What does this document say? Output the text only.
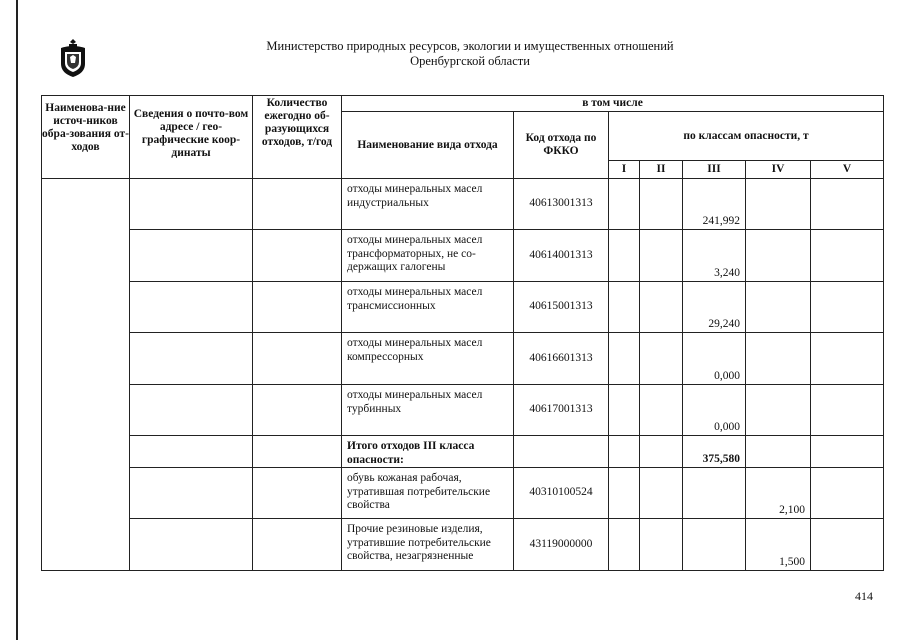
Министерство природных ресурсов, экологии и имущественных отношений
Оренбургской области
Наименова-ние источ-ников обра-зования от-ходов	Сведения о почто-вом адресе / гео-графические коор-динаты	Количество ежегодно об-разующихся отходов, т/год	в том числе						
			Наименование вида отхода	Код отхода по ФККО	по классам опасности, т				
					I	II	III	IV	V
			отходы минеральных масел индустриальных	40613001313			241,992		
			отходы минеральных масел трансформаторных, не со-держащих галогены	40614001313			3,240		
			отходы минеральных масел трансмиссионных	40615001313			29,240		
			отходы минеральных масел компрессорных	40616601313			0,000		
			отходы минеральных масел турбинных	40617001313			0,000		
			Итого отходов III класса опасности:				375,580		
			обувь кожаная рабочая, утратившая потребительские свойства	40310100524				2,100	
			Прочие резиновые изделия, утратившие потребительские свойства, незагрязненные	43119000000				1,500	
414
